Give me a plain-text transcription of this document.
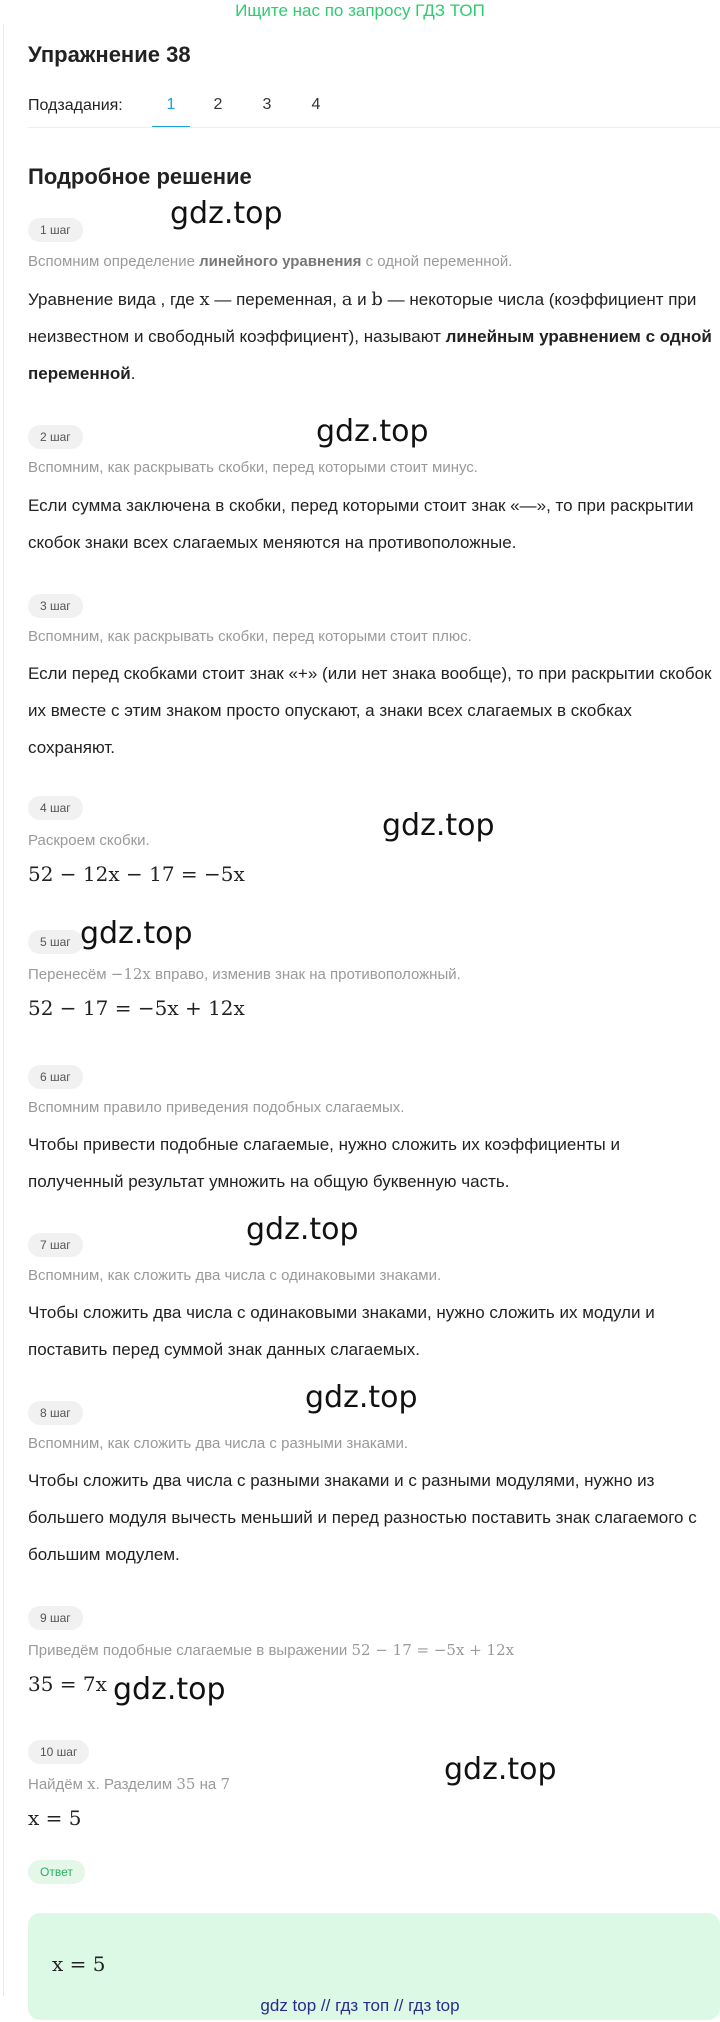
Ищите нас по запросу ГДЗ ТОП
Упражнение 38
Подзадания:	1	2	3	4
Подробное решение
1 шаг	gdz.top
Вспомним определение линейного уравнения с одной переменной.
Уравнение вида , где x — переменная, a и b — некоторые числа (коэффициент при неизвестном и свободный коэффициент), называют линейным уравнением с одной переменной.
2 шаг	gdz.top
Вспомним, как раскрывать скобки, перед которыми стоит минус.
Если сумма заключена в скобки, перед которыми стоит знак «—», то при раскрытии скобок знаки всех слагаемых меняются на противоположные.
3 шаг
Вспомним, как раскрывать скобки, перед которыми стоит плюс.
Если перед скобками стоит знак «+» (или нет знака вообще), то при раскрытии скобок их вместе с этим знаком просто опускают, а знаки всех слагаемых в скобках сохраняют.
4 шаг	gdz.top
Раскроем скобки.
52 − 12x − 17 = −5x
5 шаг gdz.top
Перенесём −12x вправо, изменив знак на противоположный.
52 − 17 = −5x + 12x
6 шаг
Вспомним правило приведения подобных слагаемых.
Чтобы привести подобные слагаемые, нужно сложить их коэффициенты и полученный результат умножить на общую буквенную часть.
7 шаг	gdz.top
Вспомним, как сложить два числа с одинаковыми знаками.
Чтобы сложить два числа с одинаковыми знаками, нужно сложить их модули и поставить перед суммой знак данных слагаемых.
8 шаг	gdz.top
Вспомним, как сложить два числа с разными знаками.
Чтобы сложить два числа с разными знаками и с разными модулями, нужно из большего модуля вычесть меньший и перед разностью поставить знак слагаемого с большим модулем.
9 шаг
Приведём подобные слагаемые в выражении 52 − 17 = −5x + 12x
35 = 7x gdz.top
10 шаг	gdz.top
Найдём x. Разделим 35 на 7
x = 5
Ответ
x = 5
gdz top // гдз топ // гдз top
